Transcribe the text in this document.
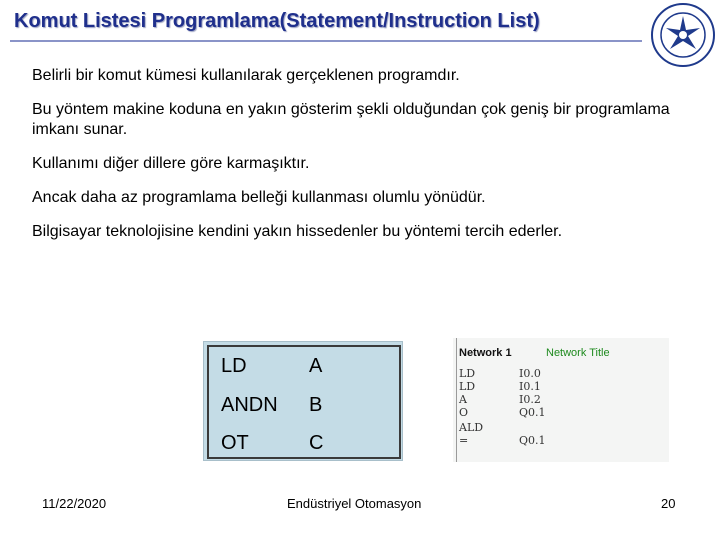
Komut Listesi Programlama(Statement/Instruction List)

Belirli bir komut kümesi kullanılarak gerçeklenen programdır.

Bu yöntem makine koduna en yakın gösterim şekli olduğundan çok geniş bir programlama imkanı sunar.

Kullanımı diğer dillere göre karmaşıktır.

Ancak daha az programlama belleği kullanması olumlu yönüdür.

Bilgisayar teknolojisine kendini yakın hissedenler bu yöntemi tercih ederler.

LD	A
ANDN B
OT	C
Network 1	Network Title
LD	I0.0
LD	I0.1
A	I0.2
O	Q0.1
ALD
=	Q0.1
11/22/2020	Endüstriyel Otomasyon	20
